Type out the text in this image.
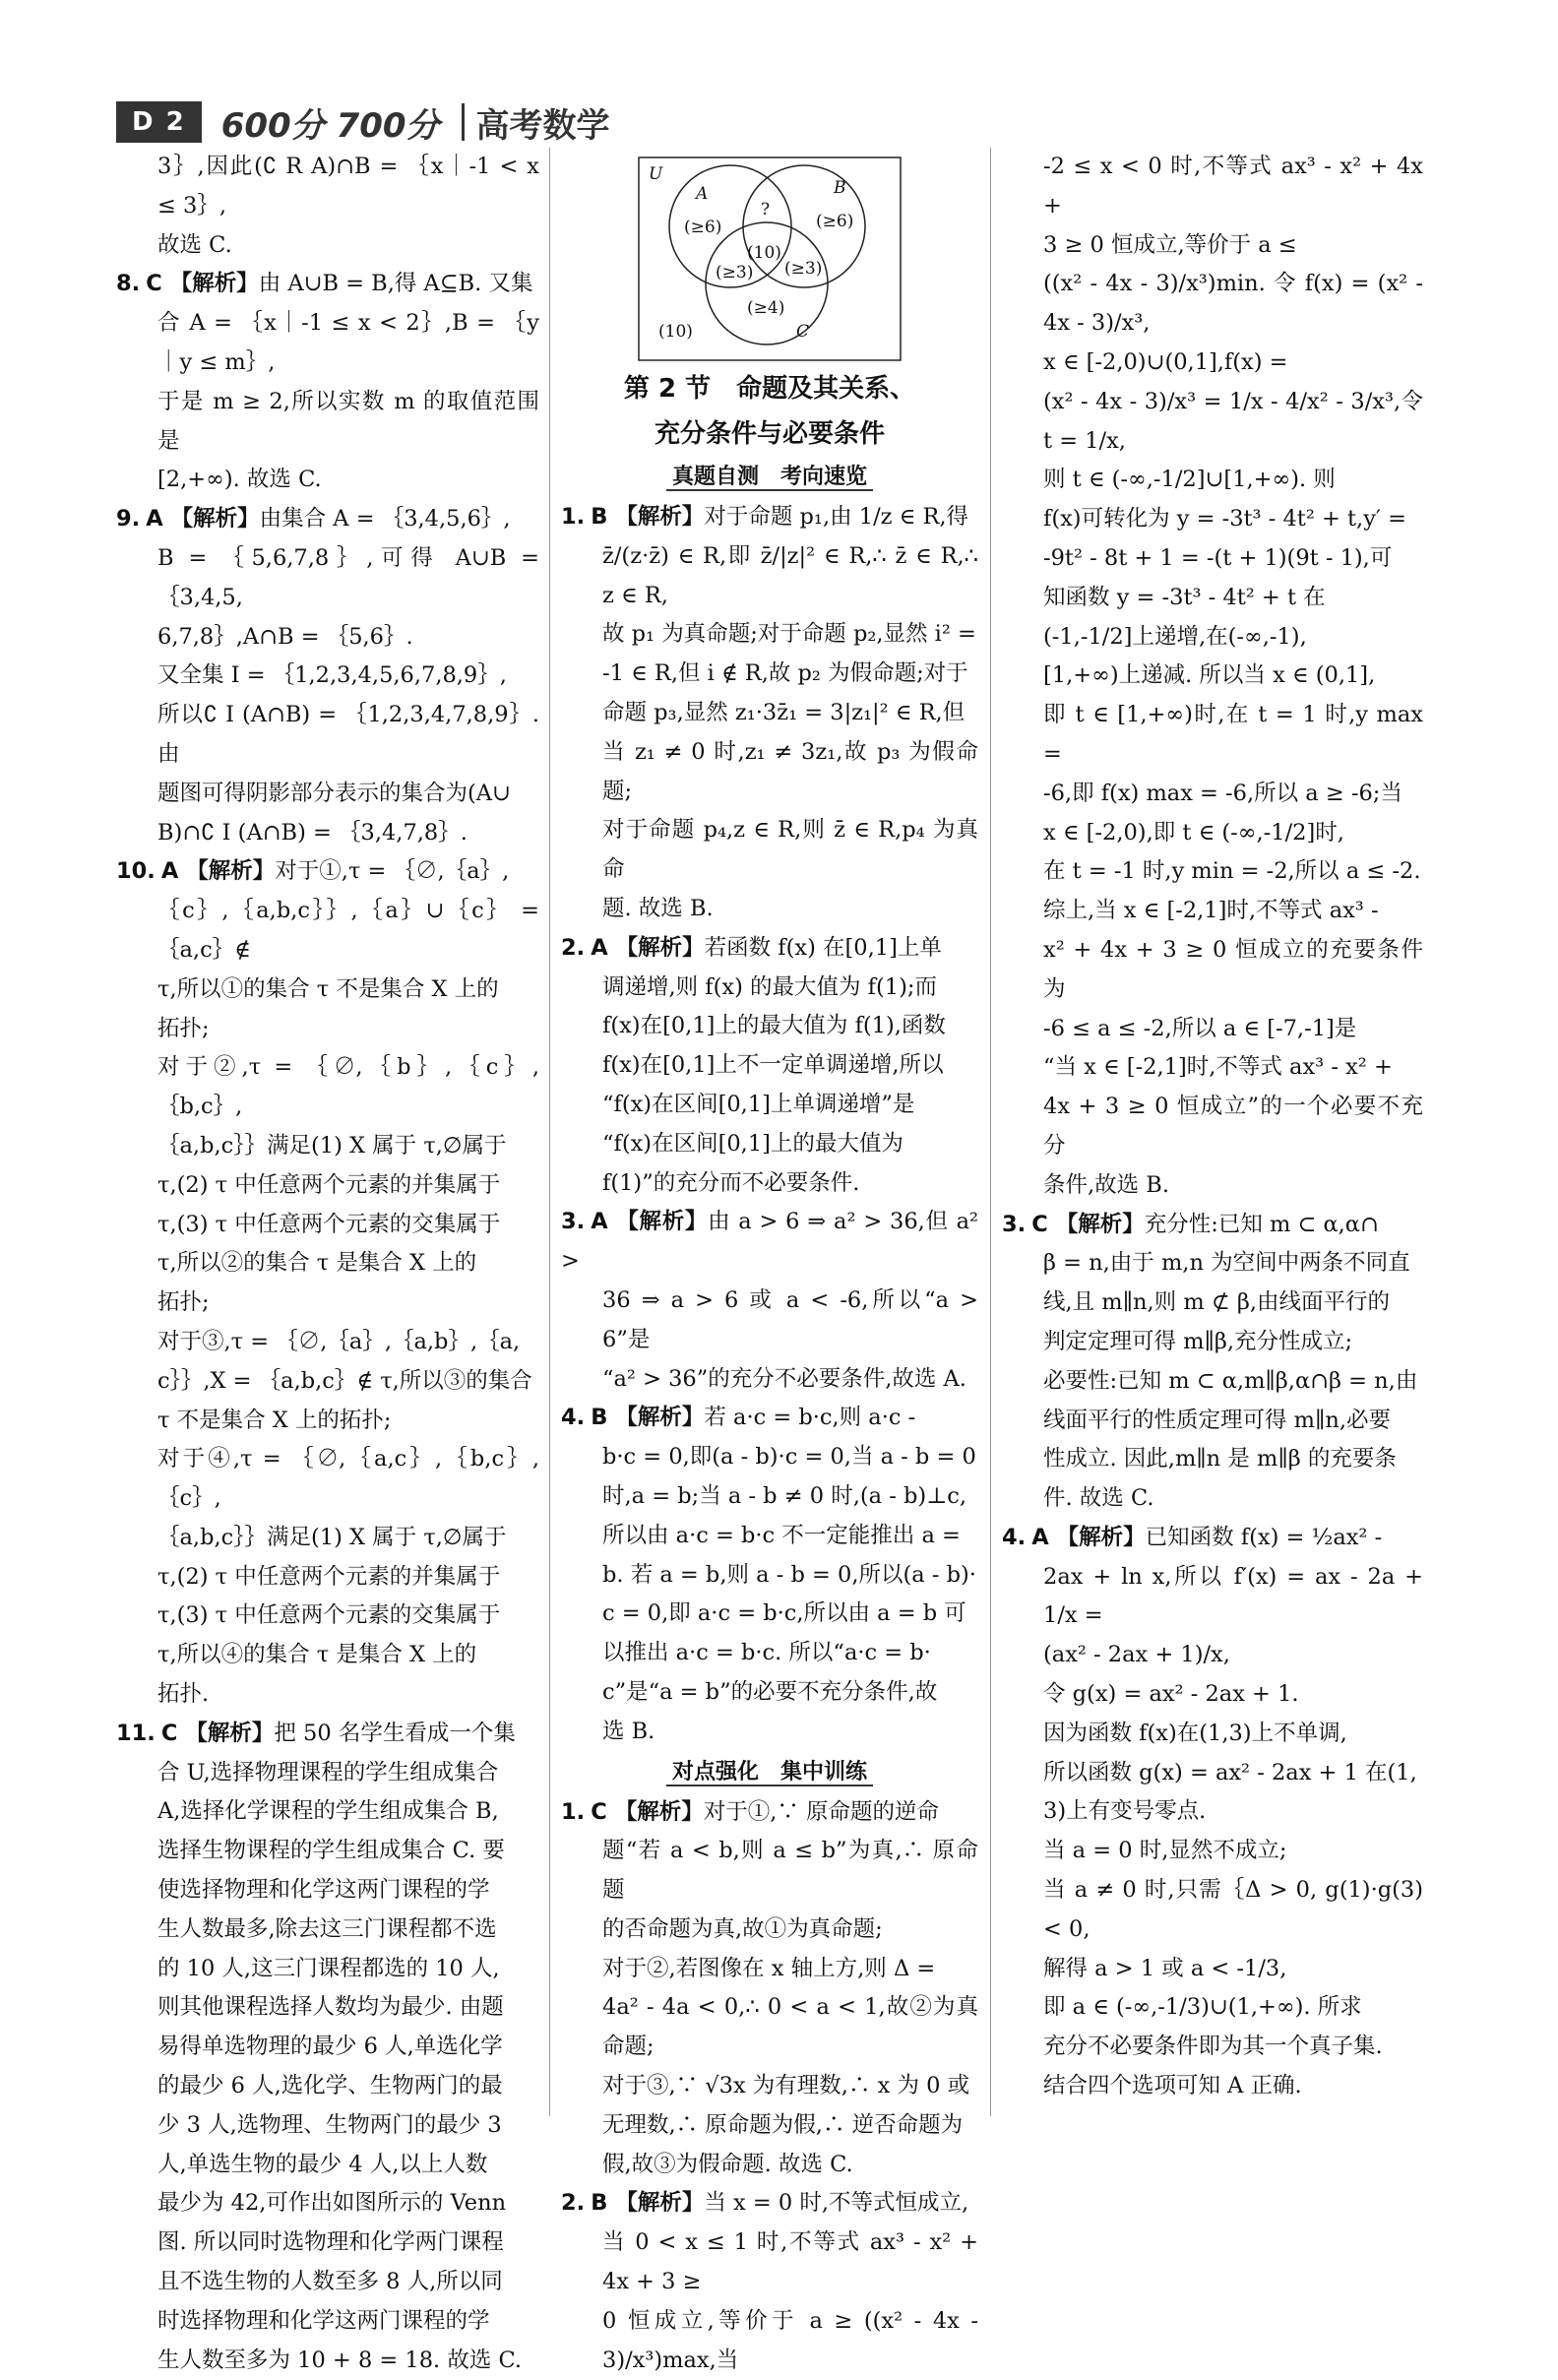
D 2	600分 700分 高考数学

3｝,因此(∁ R A)∩B = ｛x｜-1 < x ≤ 3｝,

故选 C.

8. C 【解析】由 A∪B = B,得 A⊆B. 又集

合 A = ｛x｜-1 ≤ x < 2｝,B = ｛y｜y ≤ m｝,

于是 m ≥ 2,所以实数 m 的取值范围是

[2,+∞). 故选 C.

9. A 【解析】由集合 A = ｛3,4,5,6｝,

B = ｛5,6,7,8｝,可得 A∪B = ｛3,4,5,

6,7,8｝,A∩B = ｛5,6｝.

又全集 I = ｛1,2,3,4,5,6,7,8,9｝,

所以∁ I (A∩B) = ｛1,2,3,4,7,8,9｝. 由

题图可得阴影部分表示的集合为(A∪

B)∩∁ I (A∩B) = ｛3,4,7,8｝.

10. A 【解析】对于①,τ = ｛∅,｛a｝,

｛c｝,｛a,b,c｝｝,｛a｝∪｛c｝ = ｛a,c｝∉

τ,所以①的集合 τ 不是集合 X 上的

拓扑;

对于②,τ = ｛∅,｛b｝,｛c｝,｛b,c｝,

｛a,b,c｝｝满足(1) X 属于 τ,∅属于

τ,(2) τ 中任意两个元素的并集属于

τ,(3) τ 中任意两个元素的交集属于

τ,所以②的集合 τ 是集合 X 上的

拓扑;

对于③,τ = ｛∅,｛a｝,｛a,b｝,｛a,

c｝｝,X = ｛a,b,c｝∉ τ,所以③的集合

τ 不是集合 X 上的拓扑;

对于④,τ = ｛∅,｛a,c｝,｛b,c｝,｛c｝,

｛a,b,c｝｝满足(1) X 属于 τ,∅属于

τ,(2) τ 中任意两个元素的并集属于

τ,(3) τ 中任意两个元素的交集属于

τ,所以④的集合 τ 是集合 X 上的

拓扑.

11. C 【解析】把 50 名学生看成一个集

合 U,选择物理课程的学生组成集合

A,选择化学课程的学生组成集合 B,

选择生物课程的学生组成集合 C. 要

使选择物理和化学这两门课程的学

生人数最多,除去这三门课程都不选

的 10 人,这三门课程都选的 10 人,

则其他课程选择人数均为最少. 由题

易得单选物理的最少 6 人,单选化学

的最少 6 人,选化学、生物两门的最

少 3 人,选物理、生物两门的最少 3

人,单选生物的最少 4 人,以上人数

最少为 42,可作出如图所示的 Venn

图. 所以同时选物理和化学两门课程

且不选生物的人数至多 8 人,所以同

时选择物理和化学这两门课程的学

生人数至多为 10 + 8 = 18. 故选 C.

U
A	B
C
(≥6)	(≥6)
?
(10)
(≥3) (≥3)
(≥4)
(10)
第 2 节　命题及其关系、
充分条件与必要条件
真题自测　考向速览

1. B 【解析】对于命题 p₁,由 1/z ∈ R,得

z̄/(z·z̄) ∈ R,即 z̄/|z|² ∈ R,∴ z̄ ∈ R,∴ z ∈ R,

故 p₁ 为真命题;对于命题 p₂,显然 i² =

-1 ∈ R,但 i ∉ R,故 p₂ 为假命题;对于

命题 p₃,显然 z₁·3z̄₁ = 3|z₁|² ∈ R,但

当 z₁ ≠ 0 时,z₁ ≠ 3z₁,故 p₃ 为假命题;

对于命题 p₄,z ∈ R,则 z̄ ∈ R,p₄ 为真命

题. 故选 B.

2. A 【解析】若函数 f(x) 在[0,1]上单

调递增,则 f(x) 的最大值为 f(1);而

f(x)在[0,1]上的最大值为 f(1),函数

f(x)在[0,1]上不一定单调递增,所以

“f(x)在区间[0,1]上单调递增”是

“f(x)在区间[0,1]上的最大值为

f(1)”的充分而不必要条件.

3. A 【解析】由 a > 6 ⇒ a² > 36,但 a² >

36 ⇒ a > 6 或 a < -6,所以“a > 6”是

“a² > 36”的充分不必要条件,故选 A.

4. B 【解析】若 a·c = b·c,则 a·c -

b·c = 0,即(a - b)·c = 0,当 a - b = 0

时,a = b;当 a - b ≠ 0 时,(a - b)⊥c,

所以由 a·c = b·c 不一定能推出 a =

b. 若 a = b,则 a - b = 0,所以(a - b)·

c = 0,即 a·c = b·c,所以由 a = b 可

以推出 a·c = b·c. 所以“a·c = b·

c”是“a = b”的必要不充分条件,故

选 B.

对点强化　集中训练

1. C 【解析】对于①,∵ 原命题的逆命

题“若 a < b,则 a ≤ b”为真,∴ 原命题

的否命题为真,故①为真命题;

对于②,若图像在 x 轴上方,则 Δ =

4a² - 4a < 0,∴ 0 < a < 1,故②为真命题;

对于③,∵ √3x 为有理数,∴ x 为 0 或

无理数,∴ 原命题为假,∴ 逆否命题为

假,故③为假命题. 故选 C.

2. B 【解析】当 x = 0 时,不等式恒成立,

当 0 < x ≤ 1 时,不等式 ax³ - x² + 4x + 3 ≥

0 恒成立,等价于 a ≥ ((x² - 4x - 3)/x³)max,当

-2 ≤ x < 0 时,不等式 ax³ - x² + 4x +

3 ≥ 0 恒成立,等价于 a ≤

((x² - 4x - 3)/x³)min. 令 f(x) = (x² - 4x - 3)/x³,

x ∈ [-2,0)∪(0,1],f(x) =

(x² - 4x - 3)/x³ = 1/x - 4/x² - 3/x³,令 t = 1/x,

则 t ∈ (-∞,-1/2]∪[1,+∞). 则

f(x)可转化为 y = -3t³ - 4t² + t,y′ =

-9t² - 8t + 1 = -(t + 1)(9t - 1),可

知函数 y = -3t³ - 4t² + t 在

(-1,-1/2]上递增,在(-∞,-1),

[1,+∞)上递减. 所以当 x ∈ (0,1],

即 t ∈ [1,+∞)时,在 t = 1 时,y max =

-6,即 f(x) max = -6,所以 a ≥ -6;当

x ∈ [-2,0),即 t ∈ (-∞,-1/2]时,

在 t = -1 时,y min = -2,所以 a ≤ -2.

综上,当 x ∈ [-2,1]时,不等式 ax³ -

x² + 4x + 3 ≥ 0 恒成立的充要条件为

-6 ≤ a ≤ -2,所以 a ∈ [-7,-1]是

“当 x ∈ [-2,1]时,不等式 ax³ - x² +

4x + 3 ≥ 0 恒成立”的一个必要不充分

条件,故选 B.

3. C 【解析】充分性:已知 m ⊂ α,α∩

β = n,由于 m,n 为空间中两条不同直

线,且 m∥n,则 m ⊄ β,由线面平行的

判定定理可得 m∥β,充分性成立;

必要性:已知 m ⊂ α,m∥β,α∩β = n,由

线面平行的性质定理可得 m∥n,必要

性成立. 因此,m∥n 是 m∥β 的充要条

件. 故选 C.

4. A 【解析】已知函数 f(x) = ½ax² -

2ax + ln x,所以 f′(x) = ax - 2a + 1/x =

(ax² - 2ax + 1)/x,

令 g(x) = ax² - 2ax + 1.

因为函数 f(x)在(1,3)上不单调,

所以函数 g(x) = ax² - 2ax + 1 在(1,

3)上有变号零点.

当 a = 0 时,显然不成立;

当 a ≠ 0 时,只需｛Δ > 0, g(1)·g(3) < 0,

解得 a > 1 或 a < -1/3,

即 a ∈ (-∞,-1/3)∪(1,+∞). 所求

充分不必要条件即为其一个真子集.

结合四个选项可知 A 正确.
